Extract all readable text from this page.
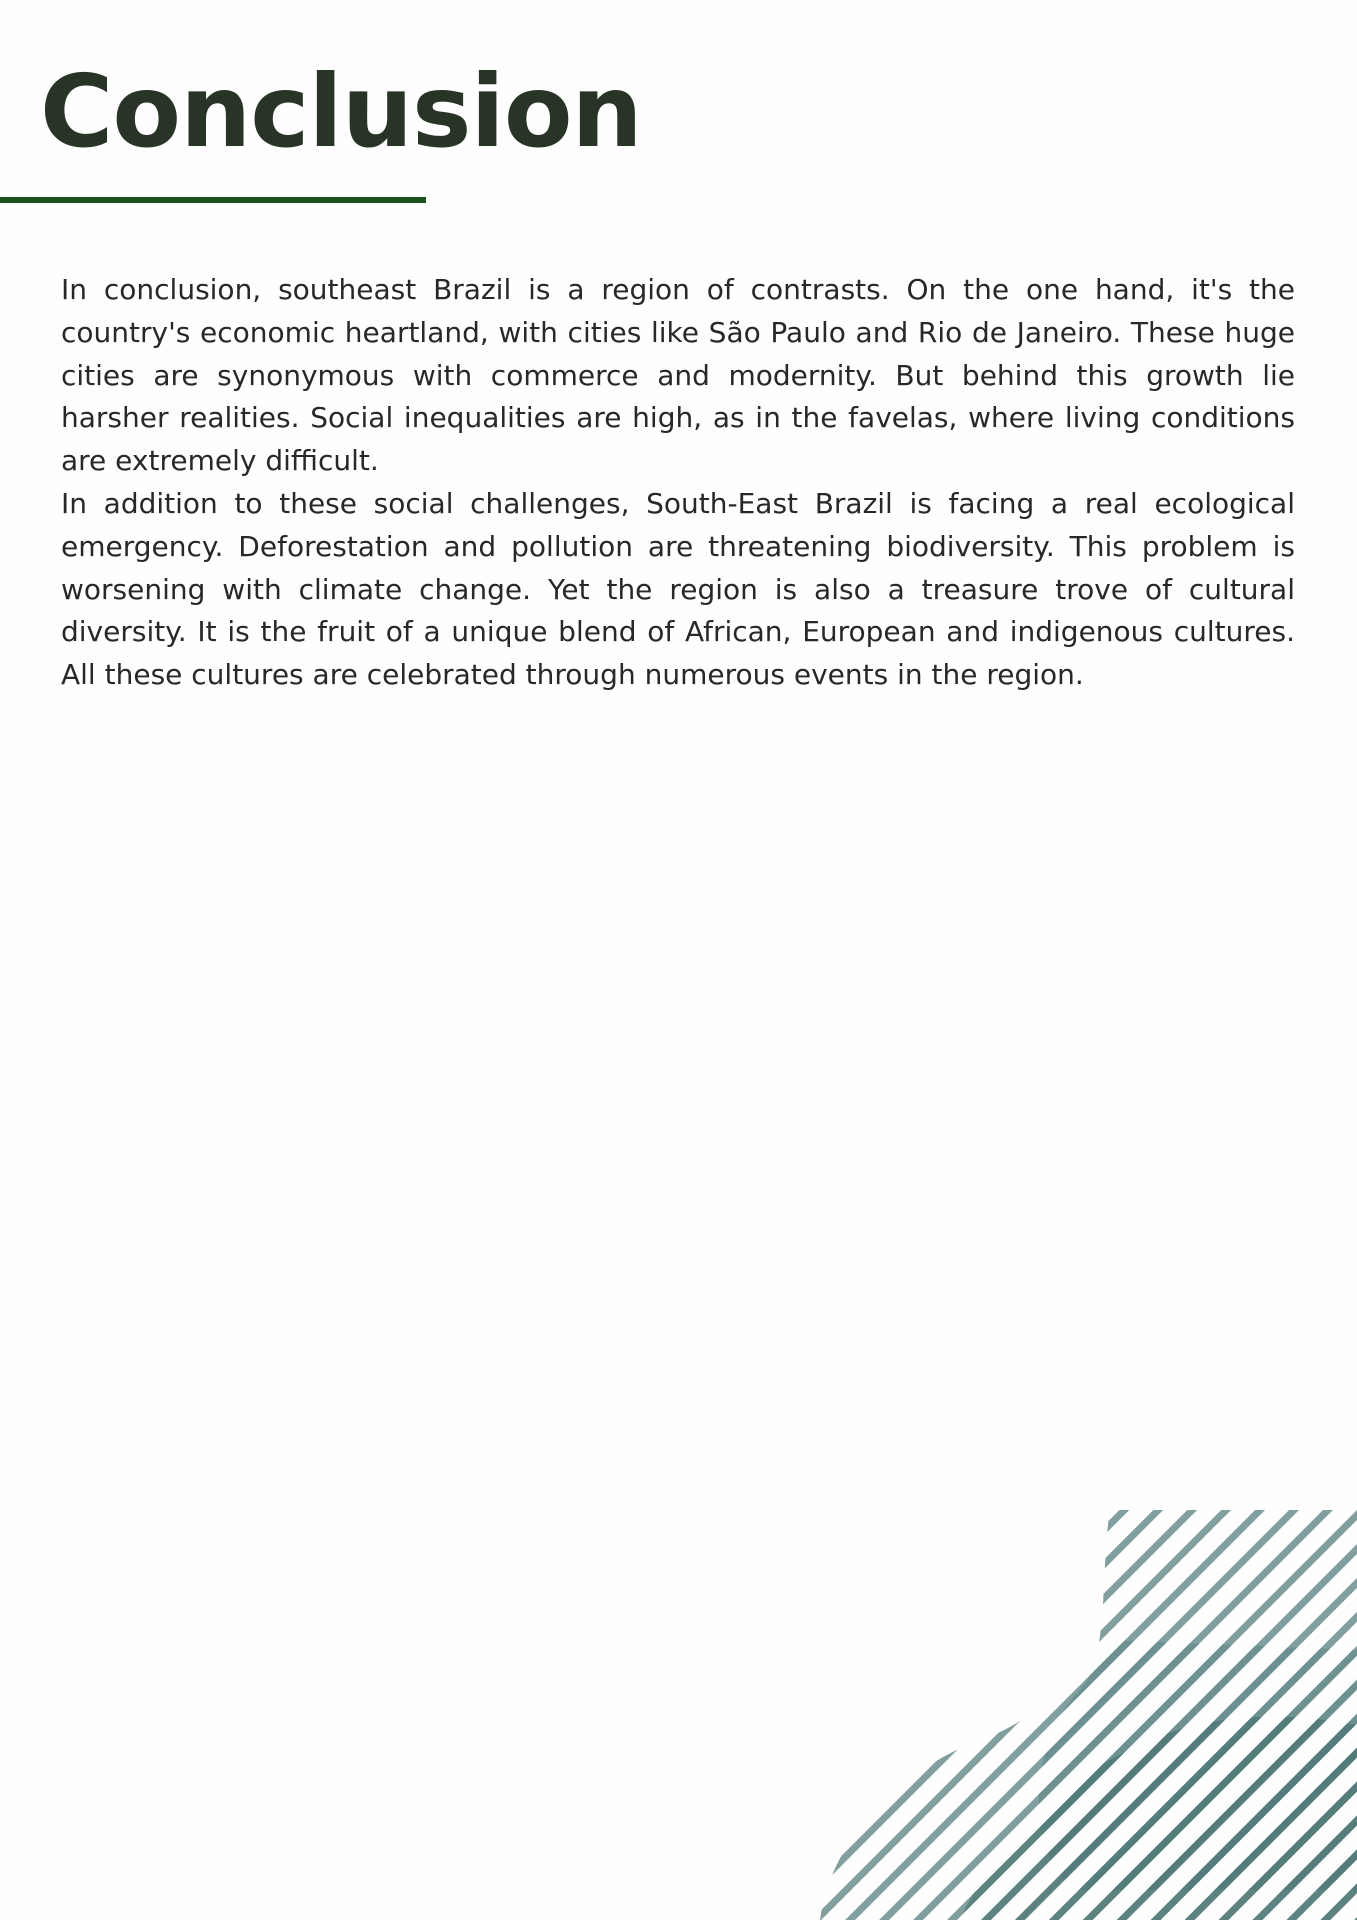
Conclusion

In conclusion, southeast Brazil is a region of contrasts. On the one hand, it's the country's economic heartland, with cities like São Paulo and Rio de Janeiro. These huge cities are synonymous with commerce and modernity. But behind this growth lie harsher realities. Social inequalities are high, as in the favelas, where living conditions are extremely difficult.

In addition to these social challenges, South-East Brazil is facing a real ecological emergency. Deforestation and pollution are threatening biodiversity. This problem is worsening with climate change. Yet the region is also a treasure trove of cultural diversity. It is the fruit of a unique blend of African, European and indigenous cultures. All these cultures are celebrated through numerous events in the region.
